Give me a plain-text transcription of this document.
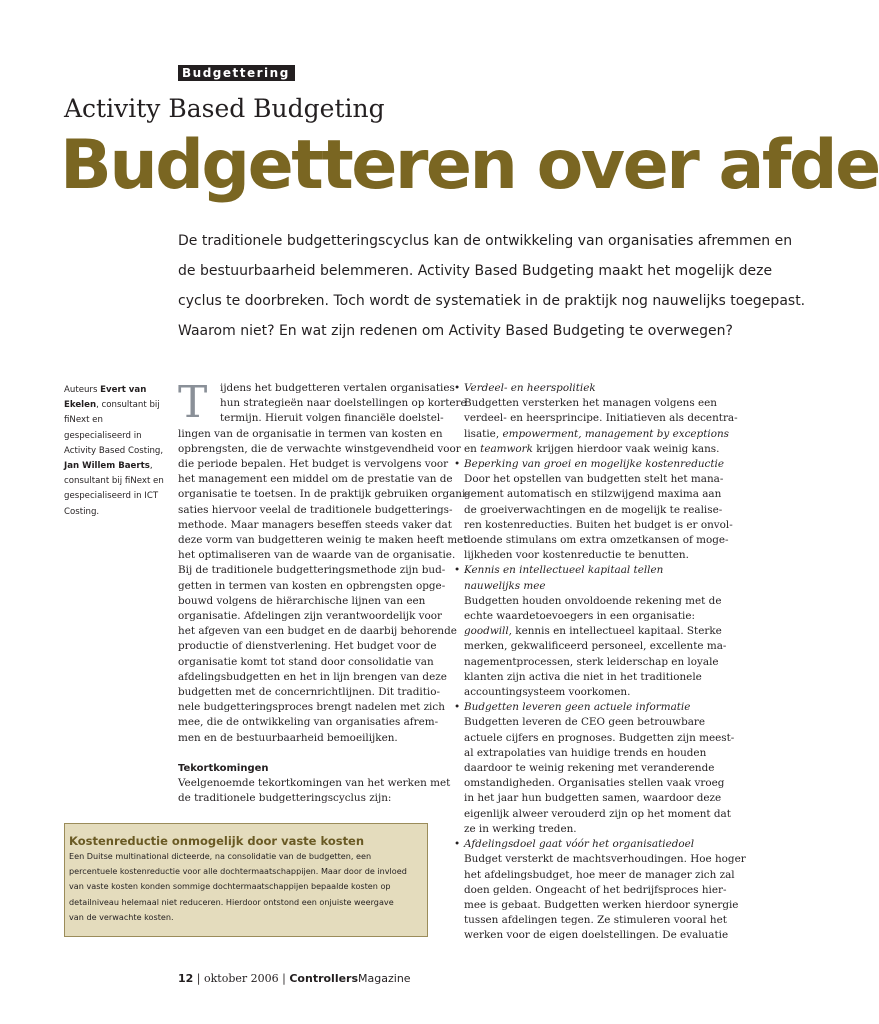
Budgettering
Activity Based Budgeting
Budgetteren over afde
De traditionele budgetteringscyclus kan de ontwikkeling van organisaties afremmen en
de bestuurbaarheid belemmeren. Activity Based Budgeting maakt het mogelijk deze
cyclus te doorbreken. Toch wordt de systematiek in de praktijk nog nauwelijks toegepast.
Waarom niet? En wat zijn redenen om Activity Based Budgeting te overwegen?
Auteurs Evert van Ekelen, consultant bij fiNext en gespecialiseerd in Activity Based Costing, Jan Willem Baerts, consultant bij fiNext en gespecialiseerd in ICT Costing.
T	ijdens het budgetteren vertalen organisaties
hun strategieën naar doelstellingen op kortere
termijn. Hieruit volgen financiële doelstel-
lingen van de organisatie in termen van kosten en
opbrengsten, die de verwachte winstgevendheid voor
die periode bepalen. Het budget is vervolgens voor
het management een middel om de prestatie van de
organisatie te toetsen. In de praktijk gebruiken organi-
saties hiervoor veelal de traditionele budgetterings-
methode. Maar managers beseffen steeds vaker dat
deze vorm van budgetteren weinig te maken heeft met
het optimaliseren van de waarde van de organisatie.
Bij de traditionele budgetteringsmethode zijn bud-
getten in termen van kosten en opbrengsten opge-
bouwd volgens de hiërarchische lijnen van een
organisatie. Afdelingen zijn verantwoordelijk voor
het afgeven van een budget en de daarbij behorende
productie of dienstverlening. Het budget voor de
organisatie komt tot stand door consolidatie van
afdelingsbudgetten en het in lijn brengen van deze
budgetten met de concernrichtlijnen. Dit traditio-
nele budgetteringsproces brengt nadelen met zich
mee, die de ontwikkeling van organisaties afrem-
men en de bestuurbaarheid bemoeilijken.
Tekortkomingen
Veelgenoemde tekortkomingen van het werken met
de traditionele budgetteringscyclus zijn:
• Verdeel- en heerspolitiek
Budgetten versterken het managen volgens een
verdeel- en heersprincipe. Initiatieven als decentra-
lisatie, empowerment, management by exceptions
en teamwork krijgen hierdoor vaak weinig kans.
• Beperking van groei en mogelijke kostenreductie
Door het opstellen van budgetten stelt het mana-
gement automatisch en stilzwijgend maxima aan
de groeiverwachtingen en de mogelijk te realise-
ren kostenreducties. Buiten het budget is er onvol-
doende stimulans om extra omzetkansen of moge-
lijkheden voor kostenreductie te benutten.
• Kennis en intellectueel kapitaal tellen
nauwelijks mee
Budgetten houden onvoldoende rekening met de
echte waardetoevoegers in een organisatie:
goodwill, kennis en intellectueel kapitaal. Sterke
merken, gekwalificeerd personeel, excellente ma-
nagementprocessen, sterk leiderschap en loyale
klanten zijn activa die niet in het traditionele
accountingsysteem voorkomen.
• Budgetten leveren geen actuele informatie
Budgetten leveren de CEO geen betrouwbare
actuele cijfers en prognoses. Budgetten zijn meest-
al extrapolaties van huidige trends en houden
daardoor te weinig rekening met veranderende
omstandigheden. Organisaties stellen vaak vroeg
in het jaar hun budgetten samen, waardoor deze
eigenlijk alweer verouderd zijn op het moment dat
ze in werking treden.
• Afdelingsdoel gaat vóór het organisatiedoel
Budget versterkt de machtsverhoudingen. Hoe hoger
het afdelingsbudget, hoe meer de manager zich zal
doen gelden. Ongeacht of het bedrijfsproces hier-
mee is gebaat. Budgetten werken hierdoor synergie
tussen afdelingen tegen. Ze stimuleren vooral het
werken voor de eigen doelstellingen. De evaluatie
Kostenreductie onmogelijk door vaste kosten
Een Duitse multinational dicteerde, na consolidatie van de budgetten, een
percentuele kostenreductie voor alle dochtermaatschappijen. Maar door de invloed
van vaste kosten konden sommige dochtermaatschappijen bepaalde kosten op
detailniveau helemaal niet reduceren. Hierdoor ontstond een onjuiste weergave
van de verwachte kosten.
12 | oktober 2006 | ControllersMagazine
